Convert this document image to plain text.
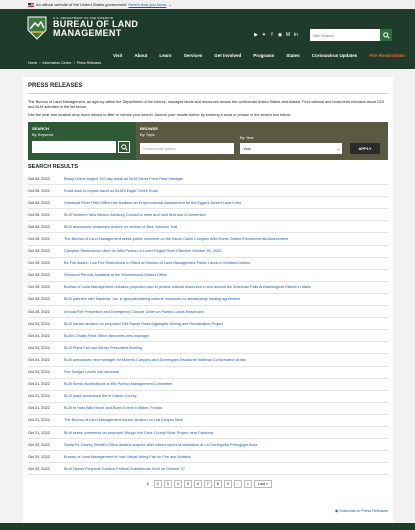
An official website of the United States government Here's how you know ⌄
U.S. DEPARTMENT OF THE INTERIOR
BUREAU OF LAND
MANAGEMENT	▶ ✦	f	◉ M in
Site Search
Visit	About	Learn	Services	Get Involved	Programs	States	Coronavirus Updates	Fire Restrictions
Home › Information Center › Press Releases
PRESS RELEASES

The Bureau of Land Management, an agency within the Department of the Interior, manages lands and resources across the continental United States and Alaska. Find national and local news releases about DOI and BLM activities in the list below.

Use the year and location drop down menus to filter or narrow your search. Narrow your results further by entering a word or phrase in the search box below.

SEARCH
By Keyword
BROWSE
By Topic
By Year
Choose some options	-Year	⌄	APPLY
SEARCH RESULTS
Oct 26, 2022	Brady Ovens begins 120-day detail as BLM Sierra Front Field Manager
Oct 26, 2022	Road work to impact travel on BLM's Eagle Creek Road
Oct 26, 2022	Humboldt River Field Office has finalized an Environmental Assessment for the Eggers Desert Land Entry
Oct 26, 2022	BLM Northern New Mexico Advisory Council to meet and hold field tour in December
Oct 26, 2022	BLM announces temporary closure on section of Bizz Johnson Trail
Oct 25, 2022	The Bureau of Land Management seeks public comment on the Stone Cabin Complex Wild Horse Gather Environmental Assessment
Oct 25, 2022	Campfire Restrictions Lifted on Wild Portion of Lower Rogue River Effective October 26, 2022
Oct 25, 2022	Be Fire Aware: Low Fire Restrictions in Effect on Bureau of Land Management Public Lands in Medford District
Oct 25, 2022	Firewood Permits Available at the Winnemucca District Office
Oct 25, 2022	Bureau of Land Management releases proposed plan to protect cultural resources in and around the American Falls Archaeological District in Idaho
Oct 25, 2022	BLM partners with Kawerak, Inc. in groundbreaking cultural resources co-stewardship funding agreement
Oct 25, 2022	Annual Fire Prevention and Emergency Closure Order on Pueblo Lands Rescinded
Oct 24, 2022	BLM issues decision on proposed DW Ranch Road Aggregate Mining and Reclamation Project
Oct 24, 2022	BLM's Challis Field Office welcomes new manager
Oct 24, 2022	BLM Plans Fall and Winter Prescribed Burning
Oct 24, 2022	BLM announces new manager for McInnis Canyons and Dominguez-Escalante National Conservation Areas
Oct 24, 2022	Fire Danger Levels will decrease
Oct 21, 2022	BLM Seeks Nominations to Rio Puerco Management Committee
Oct 21, 2022	BLM plans prescribed fire in Catron County
Oct 21, 2022	BLM to Host Wild Horse and Burro Event in Milton, Florida
Oct 21, 2022	The Bureau of Land Management issues decision on Lila Canyon Mine
Oct 21, 2022	BLM seeks comments on proposed Rough Hat Clark County Solar Project near Pahrump
Oct 20, 2022	Santa Fe County Sheriff's Office detains suspect after citizen report of vandalism at La Cieneguiña Petroglyph Area
Oct 20, 2022	Bureau of Land Management to host Virtual Hiring Fair for Fire and Aviation
Oct 20, 2022	BLM Opens Fortymile Caribou Federal Subsistence Hunt on October 27
1	2	3	4	5	6	7	8	9	…	»	Last »
◉ Subscribe to Press Releases
